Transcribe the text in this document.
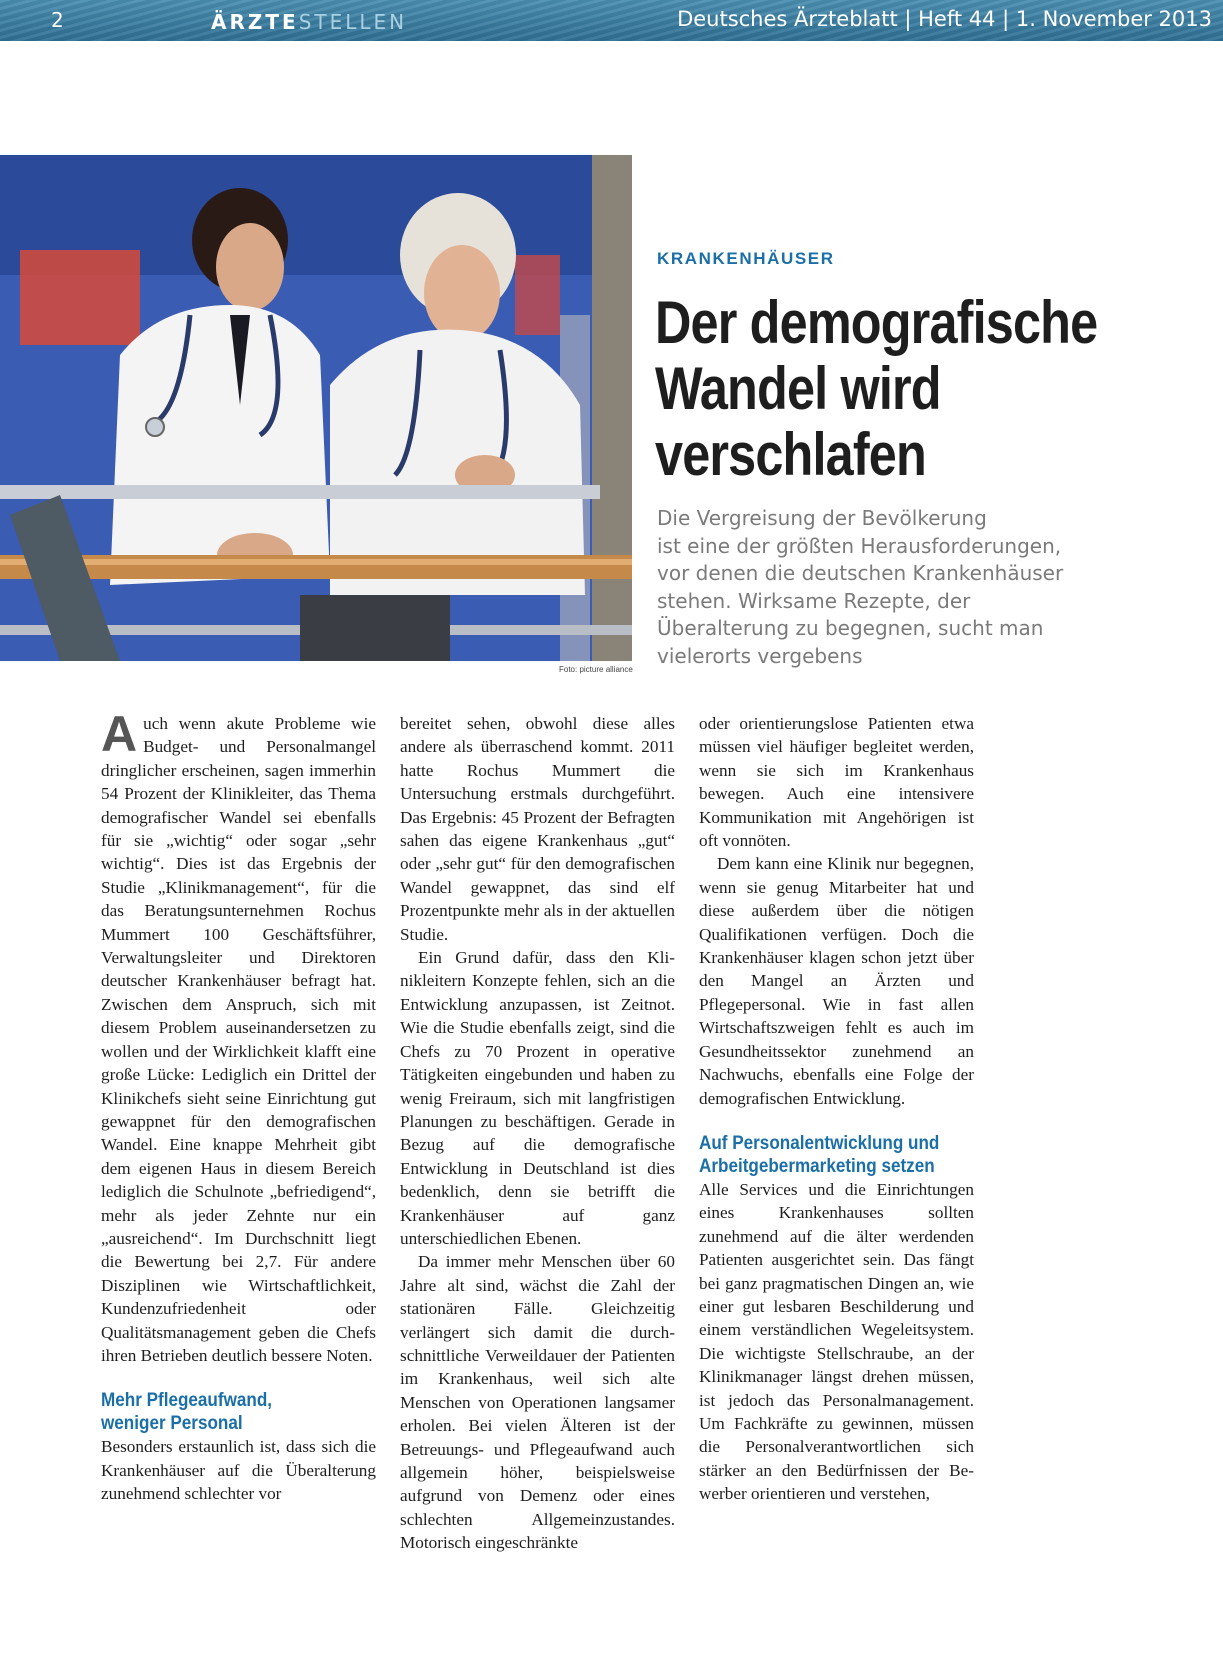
2	ÄRZTESTELLEN	Deutsches Ärzteblatt | Heft 44 | 1. November 2013
Foto: picture alliance
KRANKENHÄUSER
Der demografische
Wandel wird
verschlafen

Die Vergreisung der Bevölkerung
ist eine der größten Herausforderungen,
vor denen die deutschen Krankenhäuser
stehen. Wirksame Rezepte, der
Überalterung zu begegnen, sucht man
vielerorts vergebens

Auch wenn akute Probleme wie Budget- und Personalmangel dringlicher erscheinen, sagen immerhin 54 Prozent der Klinikleiter, das Thema demografischer Wandel sei ebenfalls für sie „wichtig“ oder sogar „sehr wichtig“. Dies ist das Ergebnis der Studie „Klinikmanagement“, für die das Beratungsunternehmen Rochus Mummert 100 Geschäftsführer, Verwaltungsleiter und Direktoren deutscher Krankenhäuser befragt hat. Zwischen dem Anspruch, sich mit diesem Problem auseinandersetzen zu wollen und der Wirklichkeit klafft eine große Lücke: Lediglich ein Drittel der Klinikchefs sieht seine Einrichtung gut gewappnet für den demografischen Wandel. Eine knappe Mehrheit gibt dem eigenen Haus in diesem Bereich lediglich die Schulnote „befriedigend“, mehr als jeder Zehnte nur ein „ausreichend“. Im Durchschnitt liegt die Bewertung bei 2,7. Für andere Disziplinen wie Wirtschaftlichkeit, Kundenzufriedenheit oder Qualitätsmanagement geben die Chefs ihren Betrieben deutlich bessere Noten.

Mehr Pflegeaufwand,
weniger Personal

Besonders erstaunlich ist, dass sich die Krankenhäuser auf die Überalterung zunehmend schlechter vor

bereitet sehen, obwohl diese alles andere als überraschend kommt. 2011 hatte Rochus Mummert die Untersuchung erstmals durchgeführt. Das Ergebnis: 45 Prozent der Befragten sahen das eigene Krankenhaus „gut“ oder „sehr gut“ für den demografischen Wandel gewappnet, das sind elf Prozentpunkte mehr als in der aktuellen Studie.

Ein Grund dafür, dass den Klinikleitern Konzepte fehlen, sich an die Entwicklung anzupassen, ist Zeitnot. Wie die Studie ebenfalls zeigt, sind die Chefs zu 70 Prozent in operative Tätigkeiten eingebunden und haben zu wenig Freiraum, sich mit langfristigen Planungen zu beschäftigen. Gerade in Bezug auf die demografische Entwicklung in Deutschland ist dies bedenklich, denn sie betrifft die Krankenhäuser auf ganz unterschiedlichen Ebenen.

Da immer mehr Menschen über 60 Jahre alt sind, wächst die Zahl der stationären Fälle. Gleichzeitig verlängert sich damit die durchschnittliche Verweildauer der Patienten im Krankenhaus, weil sich alte Menschen von Operationen langsamer erholen. Bei vielen Älteren ist der Betreuungs- und Pflegeaufwand auch allgemein höher, beispielsweise aufgrund von Demenz oder eines schlechten Allgemeinzustandes. Motorisch eingeschränkte

oder orientierungslose Patienten etwa müssen viel häufiger begleitet werden, wenn sie sich im Krankenhaus bewegen. Auch eine intensivere Kommunikation mit Angehörigen ist oft vonnöten.

Dem kann eine Klinik nur begegnen, wenn sie genug Mitarbeiter hat und diese außerdem über die nötigen Qualifikationen verfügen. Doch die Krankenhäuser klagen schon jetzt über den Mangel an Ärzten und Pflegepersonal. Wie in fast allen Wirtschaftszweigen fehlt es auch im Gesundheitssektor zunehmend an Nachwuchs, ebenfalls eine Folge der demografischen Entwicklung.

Auf Personalentwicklung und
Arbeitgebermarketing setzen

Alle Services und die Einrichtungen eines Krankenhauses sollten zunehmend auf die älter werdenden Patienten ausgerichtet sein. Das fängt bei ganz pragmatischen Dingen an, wie einer gut lesbaren Beschilderung und einem verständlichen Wegeleitsystem. Die wichtigste Stellschraube, an der Klinikmanager längst drehen müssen, ist jedoch das Personalmanagement. Um Fachkräfte zu gewinnen, müssen die Personalverantwortlichen sich stärker an den Bedürfnissen der Bewerber orientieren und verstehen,
